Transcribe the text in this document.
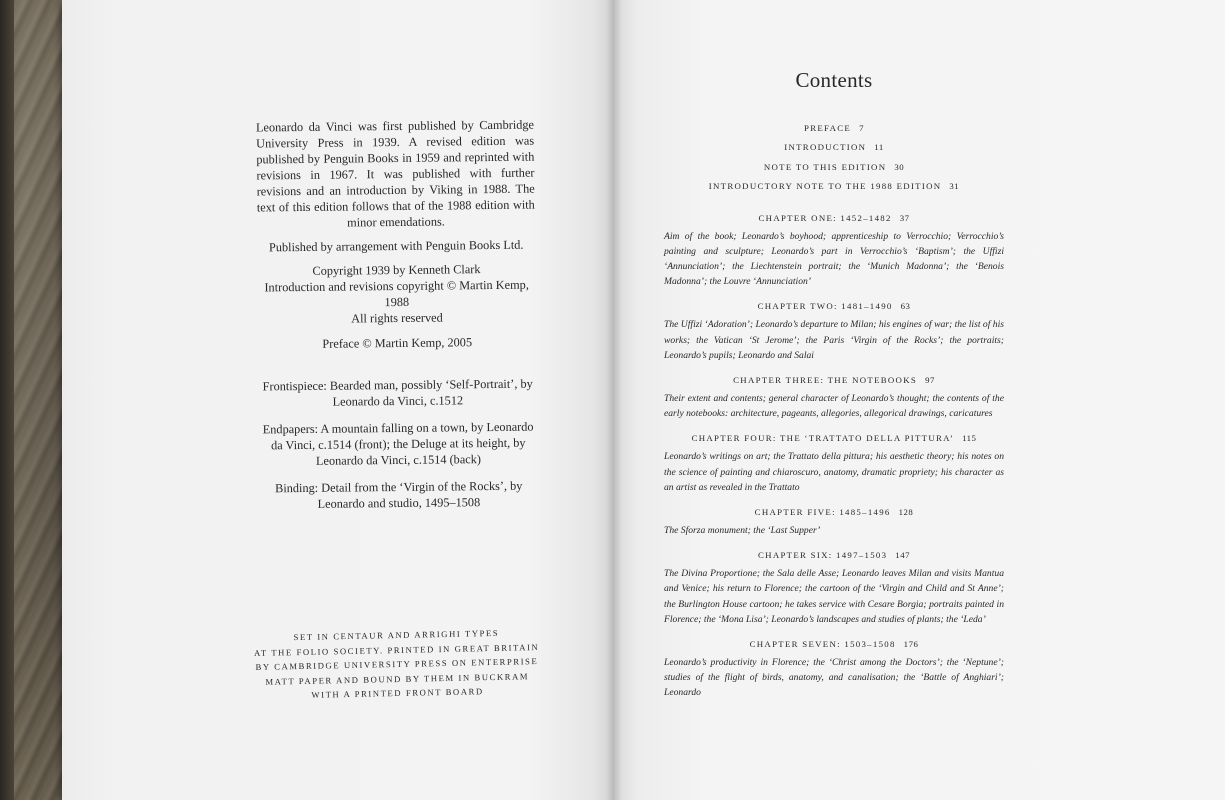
Leonardo da Vinci was first published by Cambridge University Press in 1939. A revised edition was published by Penguin Books in 1959 and reprinted with revisions in 1967. It was published with further revisions and an introduction by Viking in 1988. The text of this edition follows that of the 1988 edition with minor emendations.

Published by arrangement with Penguin Books Ltd.

Copyright 1939 by Kenneth Clark
Introduction and revisions copyright © Martin Kemp, 1988
All rights reserved

Preface © Martin Kemp, 2005

Frontispiece: Bearded man, possibly ‘Self-Portrait’, by Leonardo da Vinci, c.1512

Endpapers: A mountain falling on a town, by Leonardo da Vinci, c.1514 (front); the Deluge at its height, by Leonardo da Vinci, c.1514 (back)

Binding: Detail from the ‘Virgin of the Rocks’, by Leonardo and studio, 1495–1508

SET IN CENTAUR AND ARRIGHI TYPES
AT THE FOLIO SOCIETY. PRINTED IN GREAT BRITAIN
BY CAMBRIDGE UNIVERSITY PRESS ON ENTERPRISE
MATT PAPER AND BOUND BY THEM IN BUCKRAM
WITH A PRINTED FRONT BOARD
Contents
PREFACE 7
INTRODUCTION 11
NOTE TO THIS EDITION 30
INTRODUCTORY NOTE TO THE 1988 EDITION 31
CHAPTER ONE: 1452–1482 37
Aim of the book; Leonardo’s boyhood; apprenticeship to Verrocchio; Verrocchio’s painting and sculpture; Leonardo’s part in Verrocchio’s ‘Baptism’; the Uffizi ‘Annunciation’; the Liechtenstein portrait; the ‘Munich Madonna’; the ‘Benois Madonna’; the Louvre ‘Annunciation’
CHAPTER TWO: 1481–1490 63
The Uffizi ‘Adoration’; Leonardo’s departure to Milan; his engines of war; the list of his works; the Vatican ‘St Jerome’; the Paris ‘Virgin of the Rocks’; the portraits; Leonardo’s pupils; Leonardo and Salai
CHAPTER THREE: THE NOTEBOOKS 97
Their extent and contents; general character of Leonardo’s thought; the contents of the early notebooks: architecture, pageants, allegories, allegorical drawings, caricatures
CHAPTER FOUR: THE ‘TRATTATO DELLA PITTURA’ 115
Leonardo’s writings on art; the Trattato della pittura; his aesthetic theory; his notes on the science of painting and chiaroscuro, anatomy, dramatic propriety; his character as an artist as revealed in the Trattato
CHAPTER FIVE: 1485–1496 128
The Sforza monument; the ‘Last Supper’
CHAPTER SIX: 1497–1503 147
The Divina Proportione; the Sala delle Asse; Leonardo leaves Milan and visits Mantua and Venice; his return to Florence; the cartoon of the ‘Virgin and Child and St Anne’; the Burlington House cartoon; he takes service with Cesare Borgia; portraits painted in Florence; the ‘Mona Lisa’; Leonardo’s landscapes and studies of plants; the ‘Leda’
CHAPTER SEVEN: 1503–1508 176
Leonardo’s productivity in Florence; the ‘Christ among the Doctors’; the ‘Neptune’; studies of the flight of birds, anatomy, and canalisation; the ‘Battle of Anghiari’; Leonardo
